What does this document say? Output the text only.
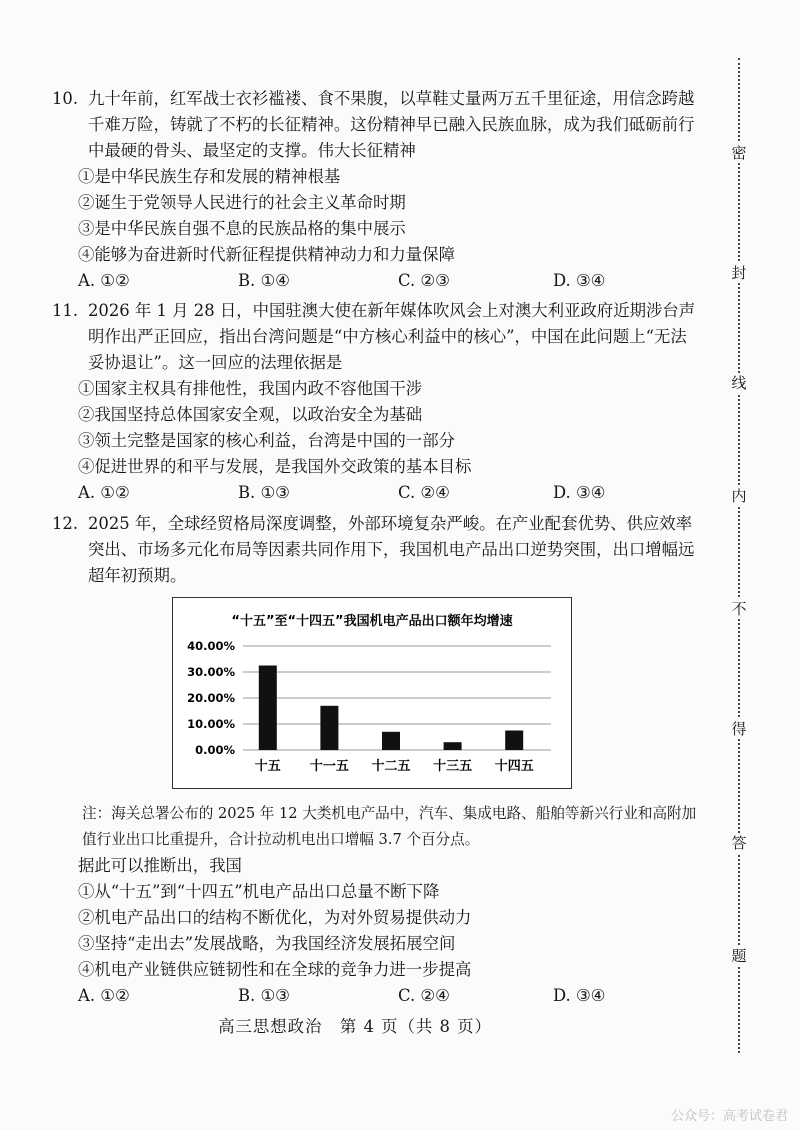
10. 九十年前，红军战士衣衫褴褛、食不果腹，以草鞋丈量两万五千里征途，用信念跨越千难万险，铸就了不朽的长征精神。这份精神早已融入民族血脉，成为我们砥砺前行中最硬的骨头、最坚定的支撑。伟大长征精神
①是中华民族生存和发展的精神根基
②诞生于党领导人民进行的社会主义革命时期
③是中华民族自强不息的民族品格的集中展示
④能够为奋进新时代新征程提供精神动力和力量保障
A. ①②	B. ①④	C. ②③	D. ③④
11. 2026 年 1 月 28 日，中国驻澳大使在新年媒体吹风会上对澳大利亚政府近期涉台声明作出严正回应，指出台湾问题是“中方核心利益中的核心”，中国在此问题上“无法妥协退让”。这一回应的法理依据是
①国家主权具有排他性，我国内政不容他国干涉
②我国坚持总体国家安全观，以政治安全为基础
③领土完整是国家的核心利益，台湾是中国的一部分
④促进世界的和平与发展，是我国外交政策的基本目标
A. ①②	B. ①③	C. ②④	D. ③④
12. 2025 年，全球经贸格局深度调整，外部环境复杂严峻。在产业配套优势、供应效率突出、市场多元化布局等因素共同作用下，我国机电产品出口逆势突围，出口增幅远超年初预期。
“十五”至“十四五”我国机电产品出口额年均增速
0.00%
10.00%
20.00%
30.00%
40.00%
十五 十一五 十二五 十三五 十四五
注：海关总署公布的 2025 年 12 大类机电产品中，汽车、集成电路、船舶等新兴行业和高附加值行业出口比重提升，合计拉动机电出口增幅 3.7 个百分点。
据此可以推断出，我国
①从“十五”到“十四五”机电产品出口总量不断下降
②机电产品出口的结构不断优化，为对外贸易提供动力
③坚持“走出去”发展战略，为我国经济发展拓展空间
④机电产业链供应链韧性和在全球的竞争力进一步提高
A. ①②	B. ①③	C. ②④	D. ③④
高三思想政治　第 4 页（共 8 页）
密
封
线
内
不
得
答
题
公众号：高考试卷君
